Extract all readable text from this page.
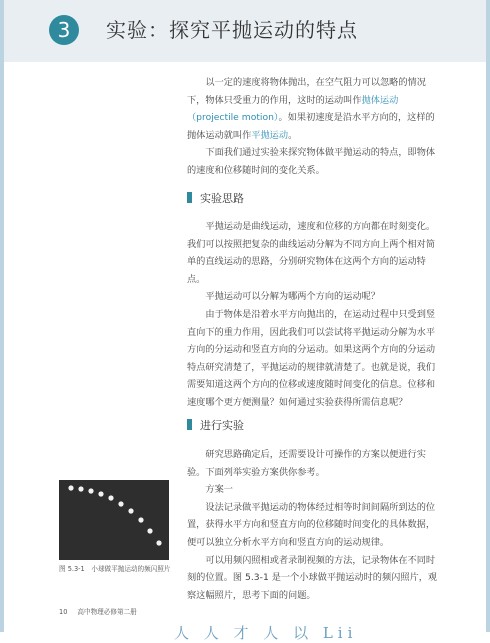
3	实验：探究平抛运动的特点

以一定的速度将物体抛出，在空气阻力可以忽略的情况下，物体只受重力的作用，这时的运动叫作抛体运动（projectile motion）。如果初速度是沿水平方向的，这样的抛体运动就叫作平抛运动。

下面我们通过实验来探究物体做平抛运动的特点，即物体的速度和位移随时间的变化关系。

实验思路

平抛运动是曲线运动，速度和位移的方向都在时刻变化。我们可以按照把复杂的曲线运动分解为不同方向上两个相对简单的直线运动的思路，分别研究物体在这两个方向的运动特点。

平抛运动可以分解为哪两个方向的运动呢？

由于物体是沿着水平方向抛出的，在运动过程中只受到竖直向下的重力作用，因此我们可以尝试将平抛运动分解为水平方向的分运动和竖直方向的分运动。如果这两个方向的分运动特点研究清楚了，平抛运动的规律就清楚了。也就是说，我们需要知道这两个方向的位移或速度随时间变化的信息。位移和速度哪个更方便测量？如何通过实验获得所需信息呢？

进行实验

研究思路确定后，还需要设计可操作的方案以便进行实验。下面列举实验方案供你参考。

方案一

设法记录做平抛运动的物体经过相等时间间隔所到达的位置，获得水平方向和竖直方向的位移随时间变化的具体数据，便可以独立分析水平方向和竖直方向的运动规律。

可以用频闪照相或者录制视频的方法，记录物体在不同时刻的位置。图 5.3-1 是一个小球做平抛运动时的频闪照片，观察这幅照片，思考下面的问题。

图 5.3-1　小球做平抛运动的频闪照片
10 高中物理必修第二册
人 ⼈ 才 ⼈ 以 Lii
